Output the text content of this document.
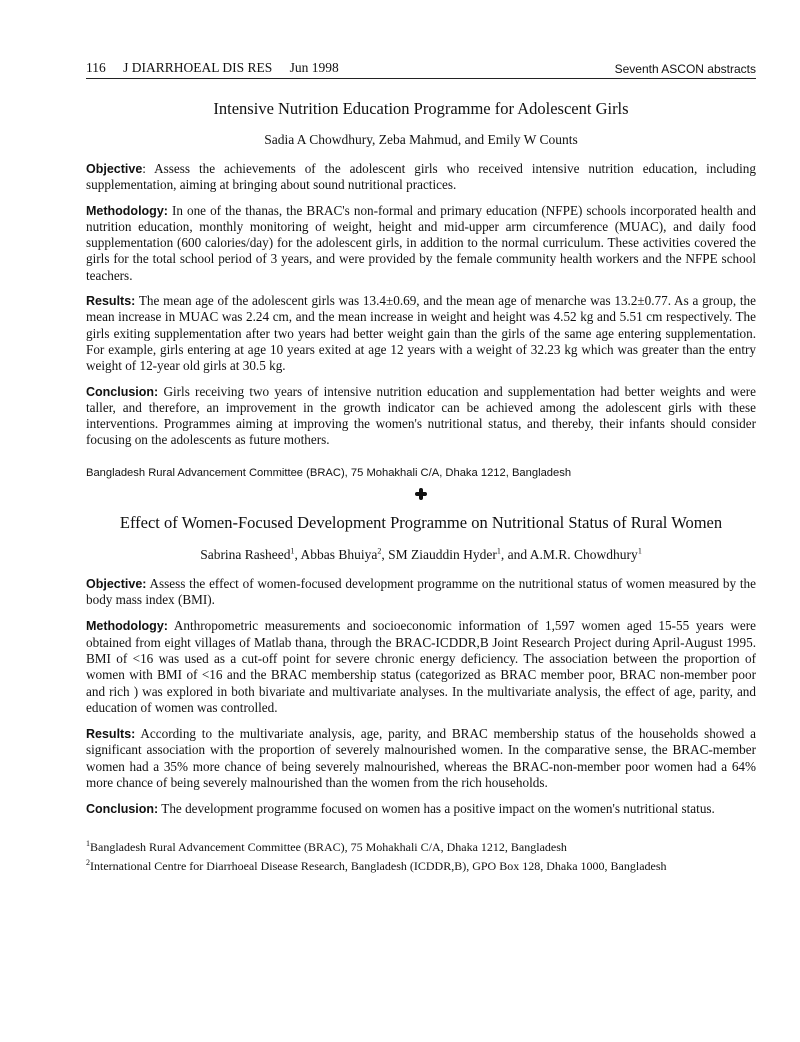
116 J DIARRHOEAL DIS RES Jun 1998	Seventh ASCON abstracts
Intensive Nutrition Education Programme for Adolescent Girls

Sadia A Chowdhury, Zeba Mahmud, and Emily W Counts

Objective: Assess the achievements of the adolescent girls who received intensive nutrition education, including supplementation, aiming at bringing about sound nutritional practices.

Methodology: In one of the thanas, the BRAC's non-formal and primary education (NFPE) schools incorporated health and nutrition education, monthly monitoring of weight, height and mid-upper arm circumference (MUAC), and daily food supplementation (600 calories/day) for the adolescent girls, in addition to the normal curriculum. These activities covered the girls for the total school period of 3 years, and were provided by the female community health workers and the NFPE school teachers.

Results: The mean age of the adolescent girls was 13.4±0.69, and the mean age of menarche was 13.2±0.77. As a group, the mean increase in MUAC was 2.24 cm, and the mean increase in weight and height was 4.52 kg and 5.51 cm respectively. The girls exiting supplementation after two years had better weight gain than the girls of the same age entering supplementation. For example, girls entering at age 10 years exited at age 12 years with a weight of 32.23 kg which was greater than the entry weight of 12-year old girls at 30.5 kg.

Conclusion: Girls receiving two years of intensive nutrition education and supplementation had better weights and were taller, and therefore, an improvement in the growth indicator can be achieved among the adolescent girls with these interventions. Programmes aiming at improving the women's nutritional status, and thereby, their infants should consider focusing on the adolescents as future mothers.

Bangladesh Rural Advancement Committee (BRAC), 75 Mohakhali C/A, Dhaka 1212, Bangladesh

Effect of Women-Focused Development Programme on Nutritional Status of Rural Women

Sabrina Rasheed$^1$, Abbas Bhuiya$^2$, SM Ziauddin Hyder$^1$, and A.M.R. Chowdhury$^1$

Objective: Assess the effect of women-focused development programme on the nutritional status of women measured by the body mass index (BMI).

Methodology: Anthropometric measurements and socioeconomic information of 1,597 women aged 15-55 years were obtained from eight villages of Matlab thana, through the BRAC-ICDDR,B Joint Research Project during April-August 1995. BMI of <16 was used as a cut-off point for severe chronic energy deficiency. The association between the proportion of women with BMI of <16 and the BRAC membership status (categorized as BRAC member poor, BRAC non-member poor and rich ) was explored in both bivariate and multivariate analyses. In the multivariate analysis, the effect of age, parity, and education of women was controlled.

Results: According to the multivariate analysis, age, parity, and BRAC membership status of the households showed a significant association with the proportion of severely malnourished women. In the comparative sense, the BRAC-member women had a 35% more chance of being severely malnourished, whereas the BRAC-non-member poor women had a 64% more chance of being severely malnourished than the women from the rich households.

Conclusion: The development programme focused on women has a positive impact on the women's nutritional status.

$^1$Bangladesh Rural Advancement Committee (BRAC), 75 Mohakhali C/A, Dhaka 1212, Bangladesh

$^2$International Centre for Diarrhoeal Disease Research, Bangladesh (ICDDR,B), GPO Box 128, Dhaka 1000, Bangladesh
